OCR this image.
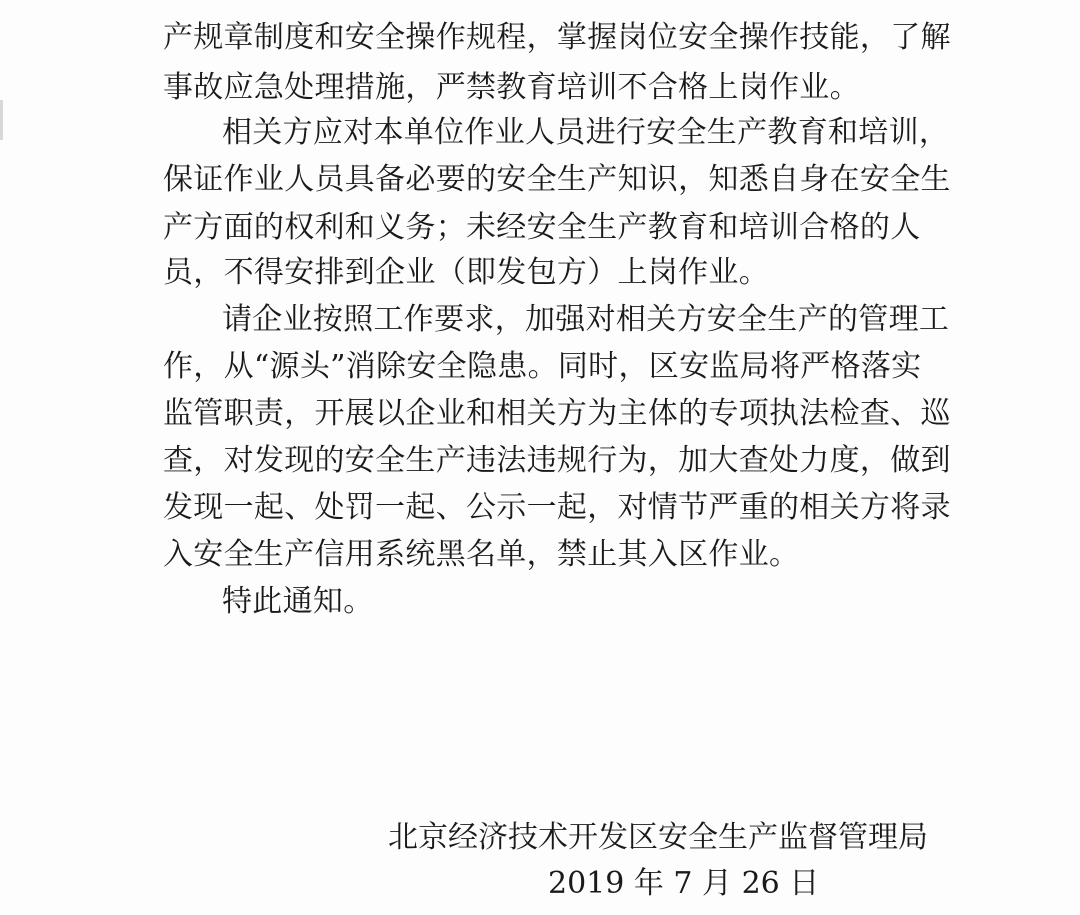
产规章制度和安全操作规程，掌握岗位安全操作技能，了解
事故应急处理措施，严禁教育培训不合格上岗作业。
相关方应对本单位作业人员进行安全生产教育和培训，
保证作业人员具备必要的安全生产知识，知悉自身在安全生
产方面的权利和义务；未经安全生产教育和培训合格的人
员，不得安排到企业（即发包方）上岗作业。
请企业按照工作要求，加强对相关方安全生产的管理工
作，从“源头”消除安全隐患。同时，区安监局将严格落实
监管职责，开展以企业和相关方为主体的专项执法检查、巡
查，对发现的安全生产违法违规行为，加大查处力度，做到
发现一起、处罚一起、公示一起，对情节严重的相关方将录
入安全生产信用系统黑名单，禁止其入区作业。
特此通知。
北京经济技术开发区安全生产监督管理局
2019 年 7 月 26 日
